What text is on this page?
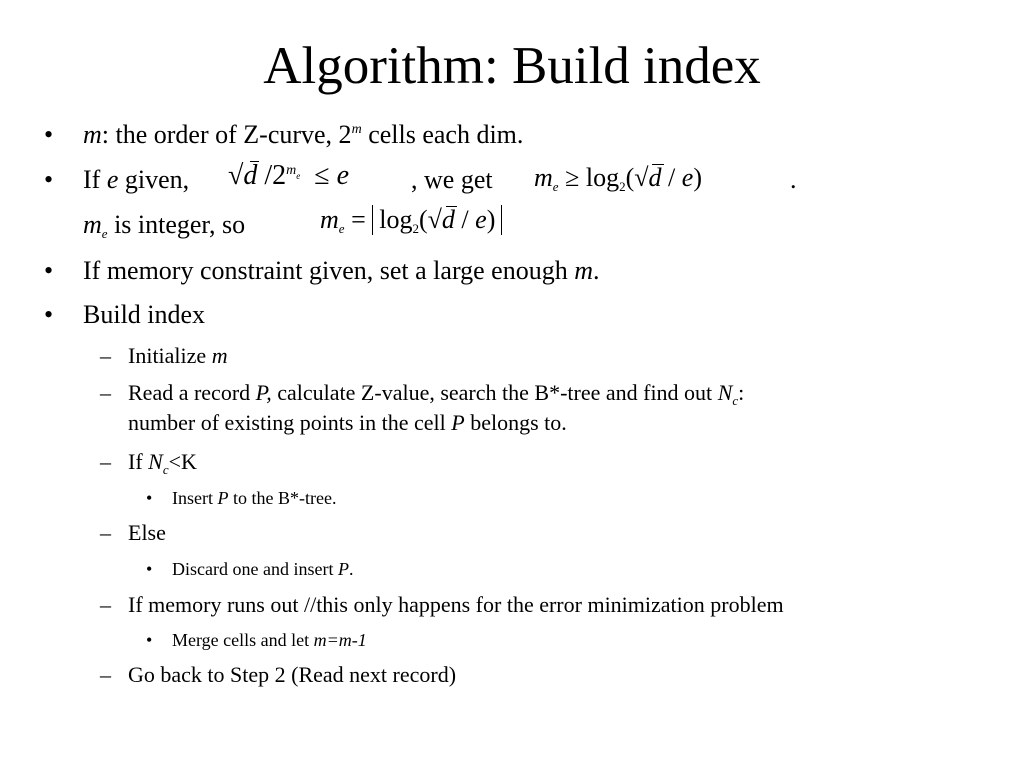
Algorithm: Build index
• m: the order of Z-curve, 2$^m$ cells each dim.
• If e given, √d $/2^{m_e} \le e$ , we get $m_e \ge \log_2(√d / e)$	.
$m_e$ is integer, so	$m_e = \log_2(√d / e)$
• If memory constraint given, set a large enough m.
• Build index
– Initialize m
– Read a record P, calculate Z-value, search the B*-tree and find out $N_c$:
number of existing points in the cell P belongs to.
– If $N_c<K$
• Insert P to the B*-tree.
– Else
• Discard one and insert P.
– If memory runs out //this only happens for the error minimization problem
• Merge cells and let m=m-1
– Go back to Step 2 (Read next record)
